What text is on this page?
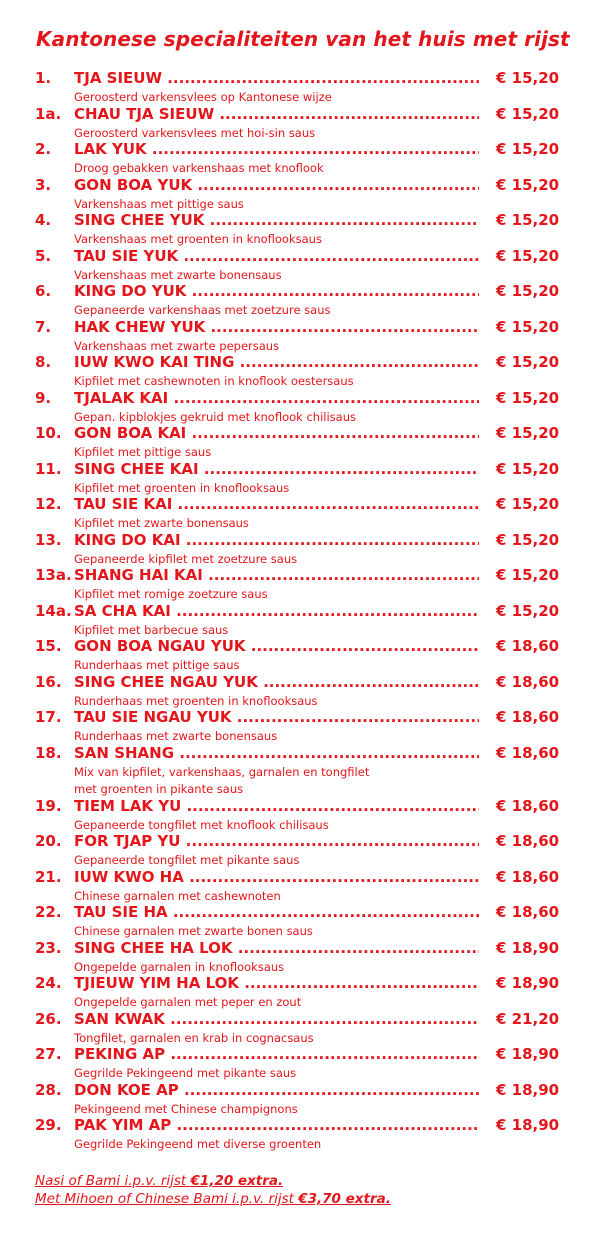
Kantonese specialiteiten van het huis met rijst
1. TJA SIEUW .....	€ 15,20
Geroosterd varkensvlees op Kantonese wijze
1a. CHAU TJA SIEUW .....	€ 15,20
Geroosterd varkensvlees met hoi-sin saus
2. LAK YUK .....	€ 15,20
Droog gebakken varkenshaas met knoflook
3. GON BOA YUK .....	€ 15,20
Varkenshaas met pittige saus
4. SING CHEE YUK .....	€ 15,20
Varkenshaas met groenten in knoflooksaus
5. TAU SIE YUK .....	€ 15,20
Varkenshaas met zwarte bonensaus
6. KING DO YUK .....	€ 15,20
Gepaneerde varkenshaas met zoetzure saus
7. HAK CHEW YUK .....	€ 15,20
Varkenshaas met zwarte pepersaus
8. IUW KWO KAI TING .....	€ 15,20
Kipfilet met cashewnoten in knoflook oestersaus
9. TJALAK KAI .....	€ 15,20
Gepan. kipblokjes gekruid met knoflook chilisaus
10. GON BOA KAI .....	€ 15,20
Kipfilet met pittige saus
11. SING CHEE KAI .....	€ 15,20
Kipfilet met groenten in knoflooksaus
12. TAU SIE KAI .....	€ 15,20
Kipfilet met zwarte bonensaus
13. KING DO KAI .....	€ 15,20
Gepaneerde kipfilet met zoetzure saus
13a. SHANG HAI KAI .....	€ 15,20
Kipfilet met romige zoetzure saus
14a. SA CHA KAI .....	€ 15,20
Kipfilet met barbecue saus
15. GON BOA NGAU YUK .....	€ 18,60
Runderhaas met pittige saus
16. SING CHEE NGAU YUK .....	€ 18,60
Runderhaas met groenten in knoflooksaus
17. TAU SIE NGAU YUK .....	€ 18,60
Runderhaas met zwarte bonensaus
18. SAN SHANG .....	€ 18,60
Mix van kipfilet, varkenshaas, garnalen en tongfilet met groenten in pikante saus
19. TIEM LAK YU .....	€ 18,60
Gepaneerde tongfilet met knoflook chilisaus
20. FOR TJAP YU .....	€ 18,60
Gepaneerde tongfilet met pikante saus
21. IUW KWO HA .....	€ 18,60
Chinese garnalen met cashewnoten
22. TAU SIE HA .....	€ 18,60
Chinese garnalen met zwarte bonen saus
23. SING CHEE HA LOK .....	€ 18,90
Ongepelde garnalen in knoflooksaus
24. TJIEUW YIM HA LOK .....	€ 18,90
Ongepelde garnalen met peper en zout
26. SAN KWAK .....	€ 21,20
Tongfilet, garnalen en krab in cognacsaus
27. PEKING AP .....	€ 18,90
Gegrilde Pekingeend met pikante saus
28. DON KOE AP .....	€ 18,90
Pekingeend met Chinese champignons
29. PAK YIM AP .....	€ 18,90
Gegrilde Pekingeend met diverse groenten
Nasi of Bami i.p.v. rijst €1,20 extra.
Met Mihoen of Chinese Bami i.p.v. rijst €3,70 extra.
